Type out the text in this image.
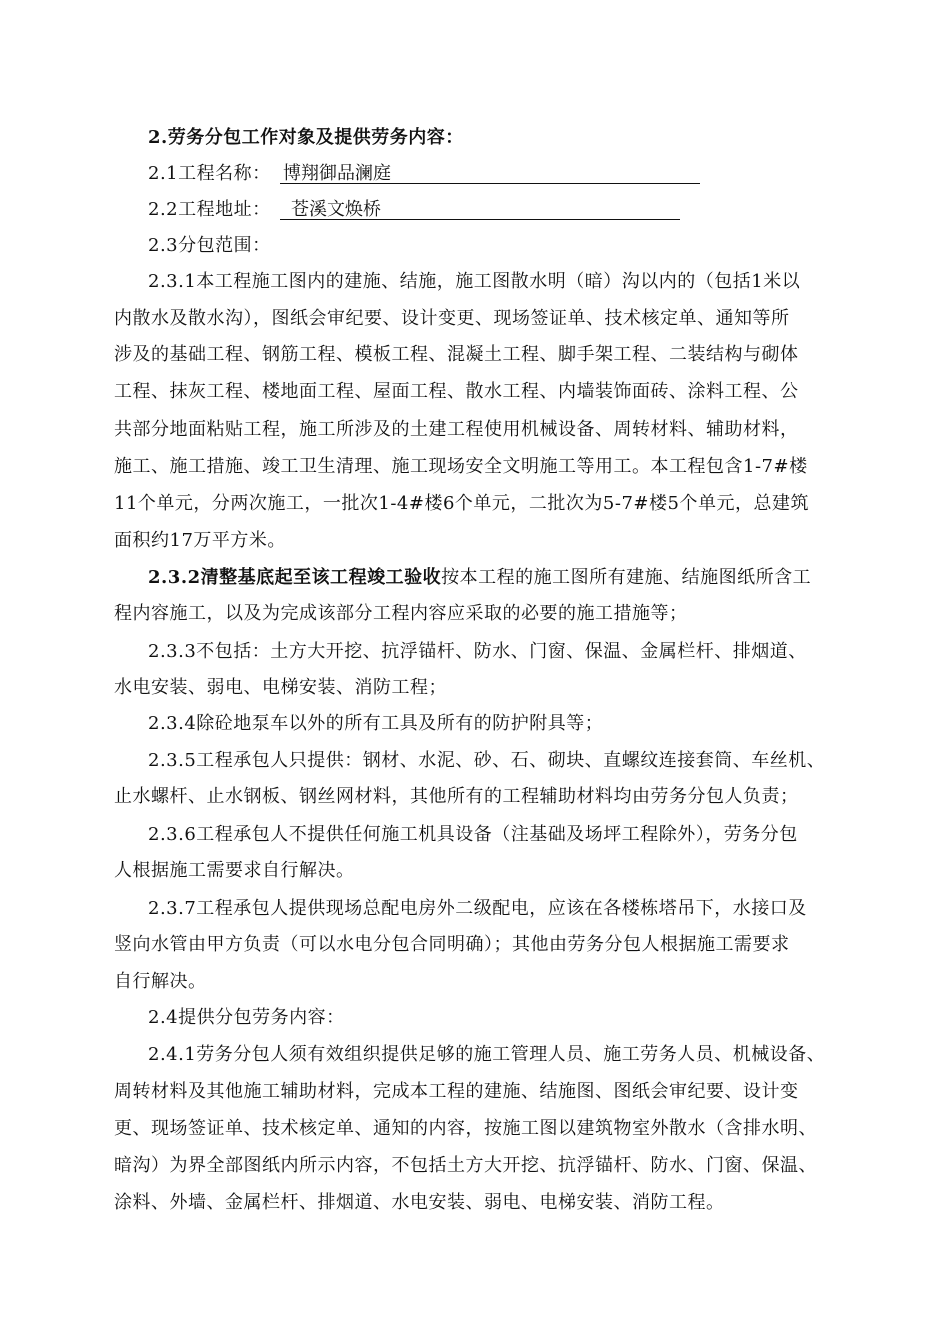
2.劳务分包工作对象及提供劳务内容：
2.1工程名称： 博翔御品澜庭
2.2工程地址：	苍溪文焕桥
2.3分包范围：
2.3.1本工程施工图内的建施、结施，施工图散水明（暗）沟以内的（包括1米以
内散水及散水沟），图纸会审纪要、设计变更、现场签证单、技术核定单、通知等所
涉及的基础工程、钢筋工程、模板工程、混凝土工程、脚手架工程、二装结构与砌体
工程、抹灰工程、楼地面工程、屋面工程、散水工程、内墙装饰面砖、涂料工程、公
共部分地面粘贴工程，施工所涉及的土建工程使用机械设备、周转材料、辅助材料，
施工、施工措施、竣工卫生清理、施工现场安全文明施工等用工。本工程包含1-7#楼
11个单元，分两次施工，一批次1-4#楼6个单元，二批次为5-7#楼5个单元，总建筑
面积约17万平方米。
2.3.2清整基底起至该工程竣工验收按本工程的施工图所有建施、结施图纸所含工
程内容施工，以及为完成该部分工程内容应采取的必要的施工措施等；
2.3.3不包括：土方大开挖、抗浮锚杆、防水、门窗、保温、金属栏杆、排烟道、
水电安装、弱电、电梯安装、消防工程；
2.3.4除砼地泵车以外的所有工具及所有的防护附具等；
2.3.5工程承包人只提供：钢材、水泥、砂、石、砌块、直螺纹连接套筒、车丝机、
止水螺杆、止水钢板、钢丝网材料，其他所有的工程辅助材料均由劳务分包人负责；
2.3.6工程承包人不提供任何施工机具设备（注基础及场坪工程除外），劳务分包
人根据施工需要求自行解决。
2.3.7工程承包人提供现场总配电房外二级配电，应该在各楼栋塔吊下，水接口及
竖向水管由甲方负责（可以水电分包合同明确）；其他由劳务分包人根据施工需要求
自行解决。
2.4提供分包劳务内容：
2.4.1劳务分包人须有效组织提供足够的施工管理人员、施工劳务人员、机械设备、
周转材料及其他施工辅助材料，完成本工程的建施、结施图、图纸会审纪要、设计变
更、现场签证单、技术核定单、通知的内容，按施工图以建筑物室外散水（含排水明、
暗沟）为界全部图纸内所示内容，不包括土方大开挖、抗浮锚杆、防水、门窗、保温、
涂料、外墙、金属栏杆、排烟道、水电安装、弱电、电梯安装、消防工程。
